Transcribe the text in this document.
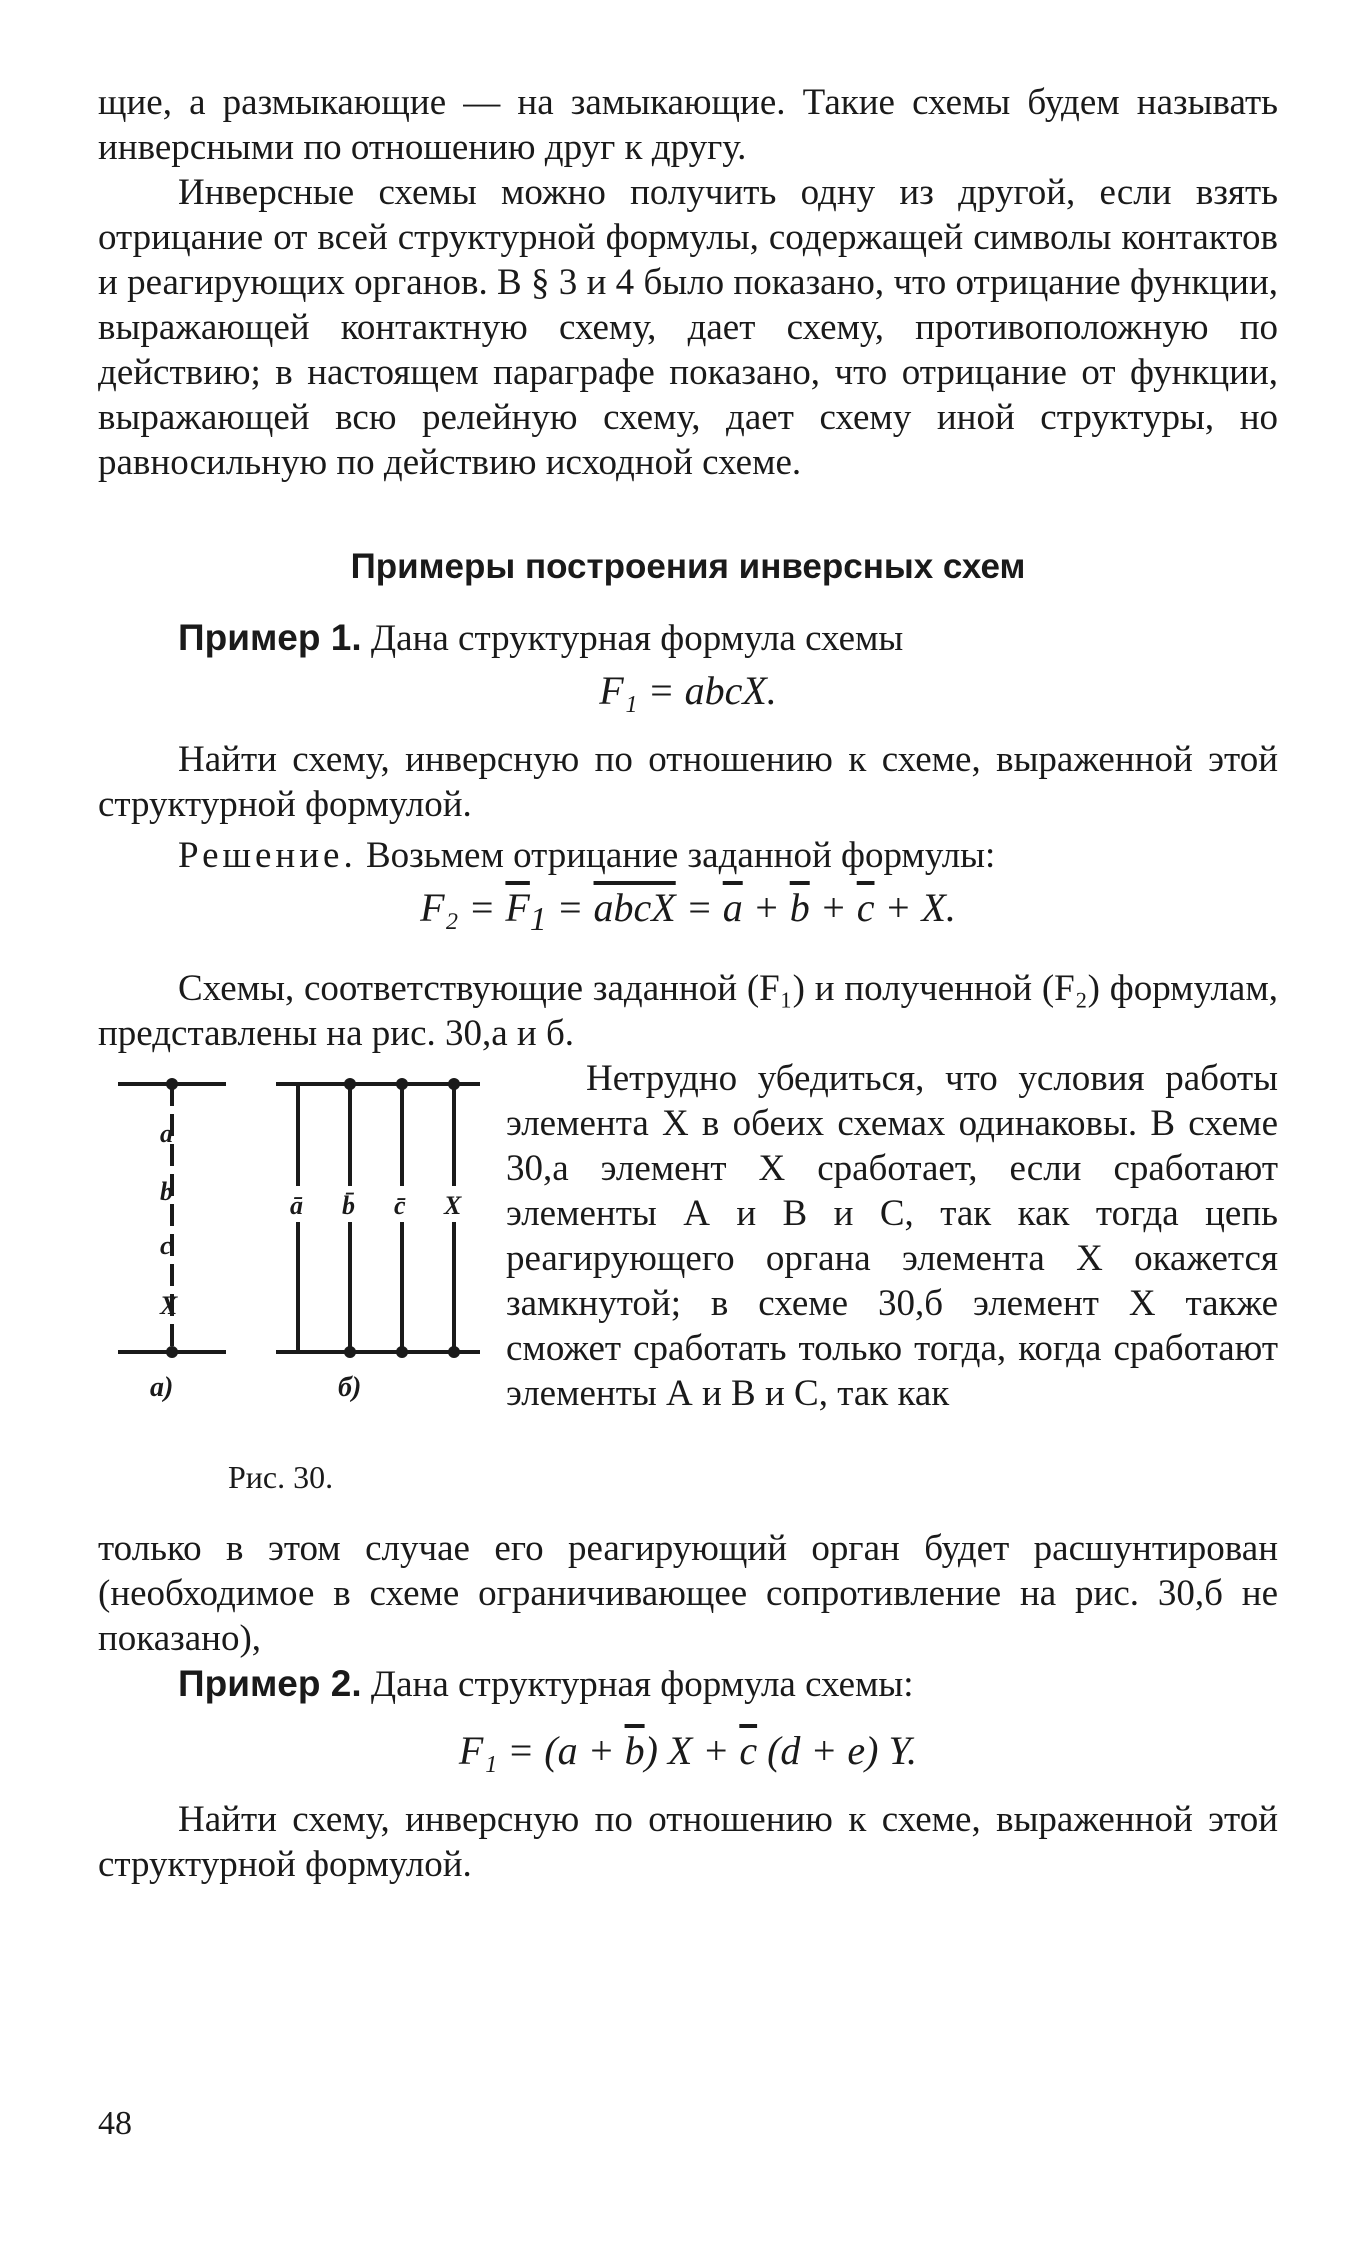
щие, а размыкающие — на замыкающие. Такие схемы будем называть инверсными по отношению друг к другу.

Инверсные схемы можно получить одну из другой, если взять отрицание от всей структурной формулы, содержащей символы контактов и реагирующих органов. В § 3 и 4 было показано, что отрицание функции, выражающей контактную схему, дает схему, противоположную по действию; в настоящем параграфе показано, что отрицание от функции, выражающей всю релейную схему, дает схему иной структуры, но равносильную по действию исходной схеме.

Примеры построения инверсных схем

Пример 1. Дана структурная формула схемы

F₁ = abcX.

Найти схему, инверсную по отношению к схеме, выраженной этой структурной формулой.

Решение. Возьмем отрицание заданной формулы:

$F_2 = \overline{F}_1$ = abcX = $\overline{a} + \overline{b} + \overline{c} + X$.

Схемы, соответствующие заданной (F₁) и полученной (F₂) формулам, представлены на рис. 30,а и б.

a
b
c
X
ā b̄ c̄ X
а)	б)
Рис. 30.

Нетрудно убедиться, что условия работы элемента X в обеих схемах одинаковы. В схеме 30,а элемент X сработает, если сработают элементы А и В и С, так как тогда цепь реагирующего органа элемента X окажется замкнутой; в схеме 30,б элемент X также сможет сработать только тогда, когда сработают элементы А и В и С, так как

только в этом случае его реагирующий орган будет расшунтирован (необходимое в схеме ограничивающее сопротивление на рис. 30,б не показано),

Пример 2. Дана структурная формула схемы:

$F_1 = (a + \overline{b})$ $X + \overline{c}$ (d + e) Y.

Найти схему, инверсную по отношению к схеме, выраженной этой структурной формулой.

48
